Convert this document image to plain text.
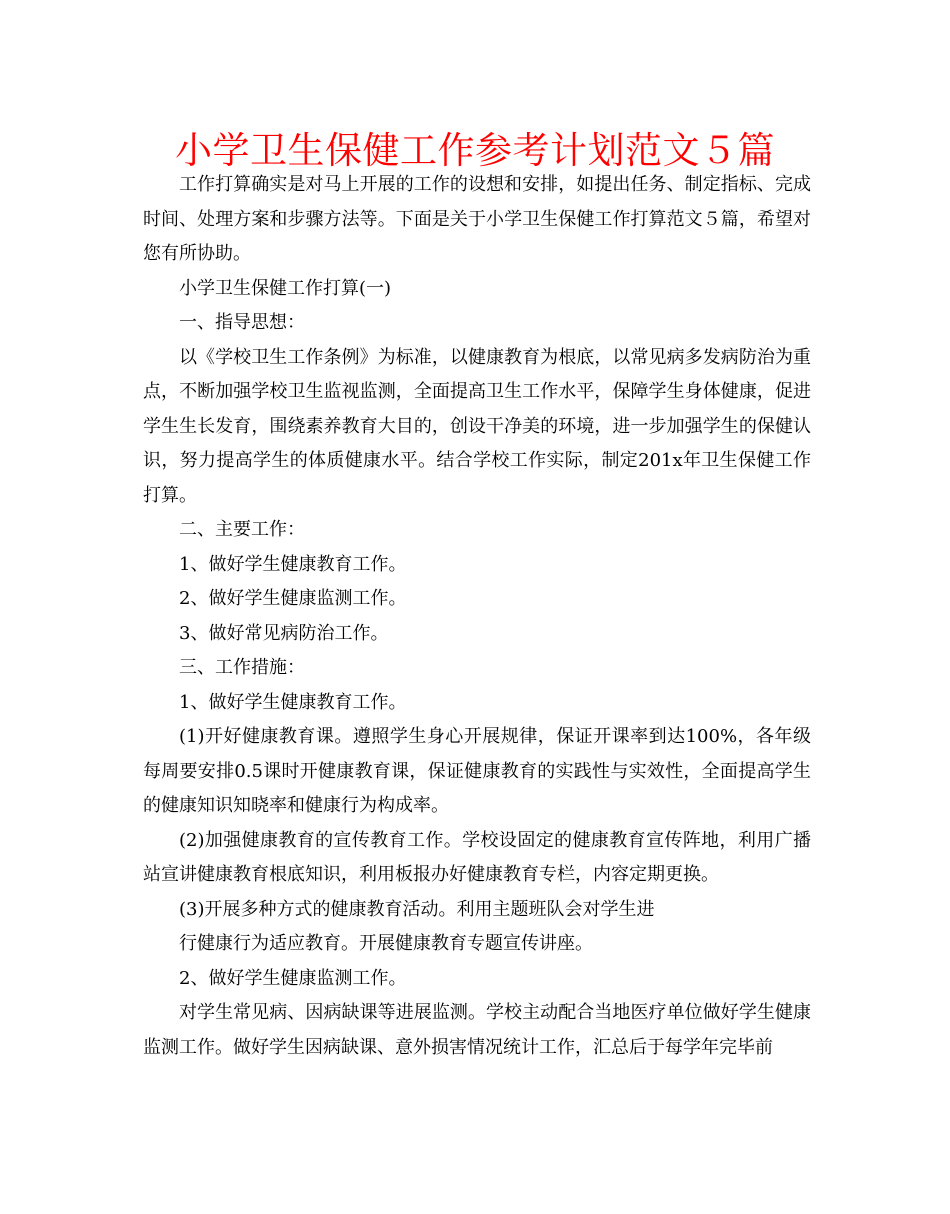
小学卫生保健工作参考计划范文５篇

工作打算确实是对马上开展的工作的设想和安排，如提出任务、制定指标、完成时间、处理方案和步骤方法等。下面是关于小学卫生保健工作打算范文５篇，希望对您有所协助。

小学卫生保健工作打算(一)

一、指导思想：

以《学校卫生工作条例》为标准，以健康教育为根底，以常见病多发病防治为重点，不断加强学校卫生监视监测，全面提高卫生工作水平，保障学生身体健康，促进学生生长发育，围绕素养教育大目的，创设干净美的环境，进一步加强学生的保健认识，努力提高学生的体质健康水平。结合学校工作实际，制定201x年卫生保健工作打算。

二、主要工作：

1、做好学生健康教育工作。

2、做好学生健康监测工作。

3、做好常见病防治工作。

三、工作措施：

1、做好学生健康教育工作。

(1)开好健康教育课。遵照学生身心开展规律，保证开课率到达100%，各年级每周要安排0.5课时开健康教育课，保证健康教育的实践性与实效性，全面提高学生的健康知识知晓率和健康行为构成率。

(2)加强健康教育的宣传教育工作。学校设固定的健康教育宣传阵地，利用广播站宣讲健康教育根底知识，利用板报办好健康教育专栏，内容定期更换。

(3)开展多种方式的健康教育活动。利用主题班队会对学生进

行健康行为适应教育。开展健康教育专题宣传讲座。

2、做好学生健康监测工作。

对学生常见病、因病缺课等进展监测。学校主动配合当地医疗单位做好学生健康监测工作。做好学生因病缺课、意外损害情况统计工作，汇总后于每学年完毕前
